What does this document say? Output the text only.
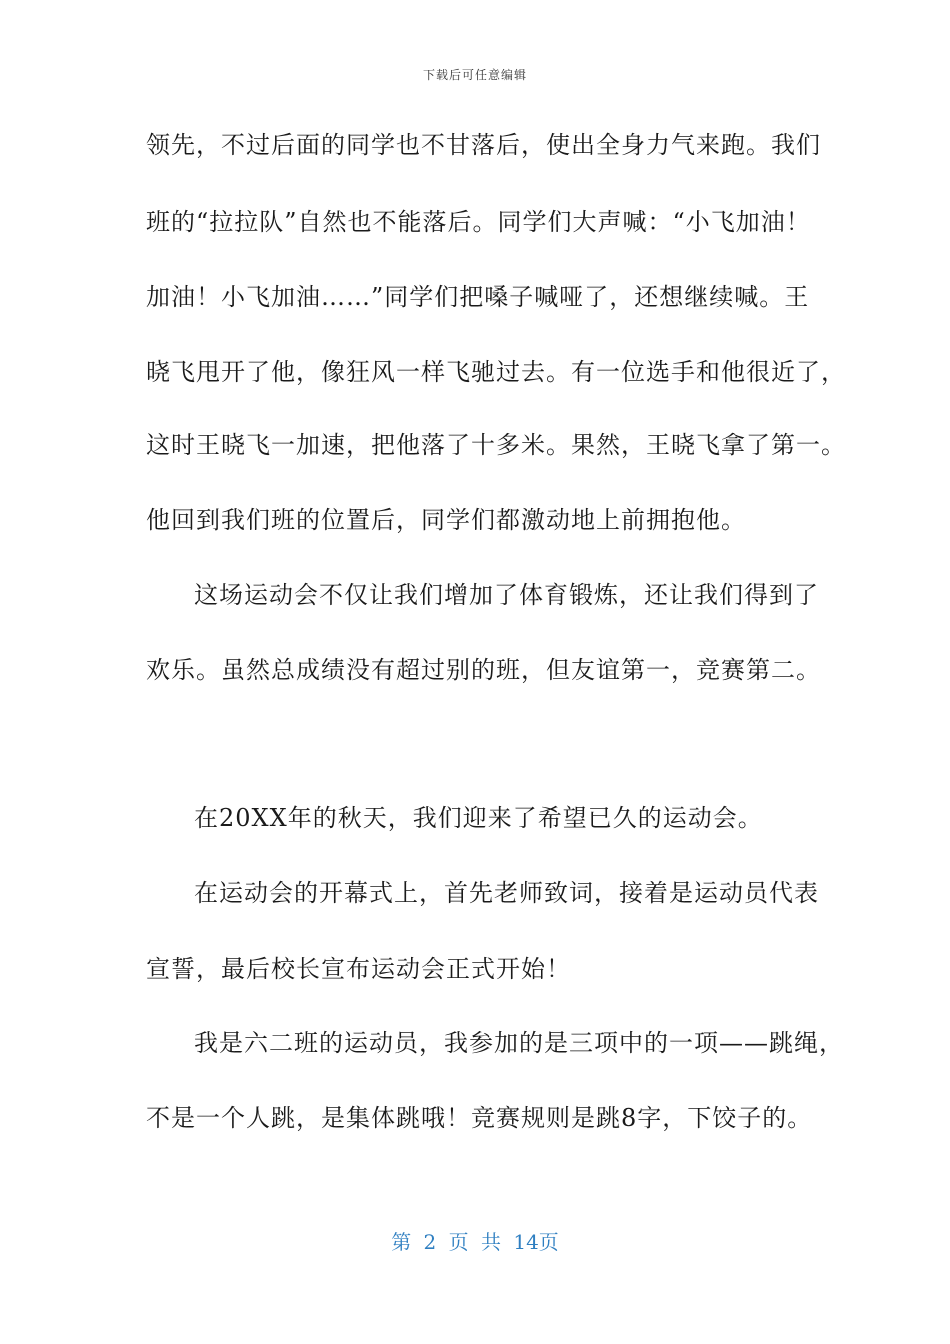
下载后可任意编辑
领先，不过后面的同学也不甘落后，使出全身力气来跑。我们
班的“拉拉队”自然也不能落后。同学们大声喊：“小飞加油！
加油！小飞加油……”同学们把嗓子喊哑了，还想继续喊。王
晓飞甩开了他，像狂风一样飞驰过去。有一位选手和他很近了，
这时王晓飞一加速，把他落了十多米。果然，王晓飞拿了第一。
他回到我们班的位置后，同学们都激动地上前拥抱他。
这场运动会不仅让我们增加了体育锻炼，还让我们得到了
欢乐。虽然总成绩没有超过别的班，但友谊第一，竞赛第二。
在20XX年的秋天，我们迎来了希望已久的运动会。
在运动会的开幕式上，首先老师致词，接着是运动员代表
宣誓，最后校长宣布运动会正式开始！
我是六二班的运动员，我参加的是三项中的一项——跳绳，
不是一个人跳，是集体跳哦！竞赛规则是跳8字，下饺子的。
第 2 页 共 14页
